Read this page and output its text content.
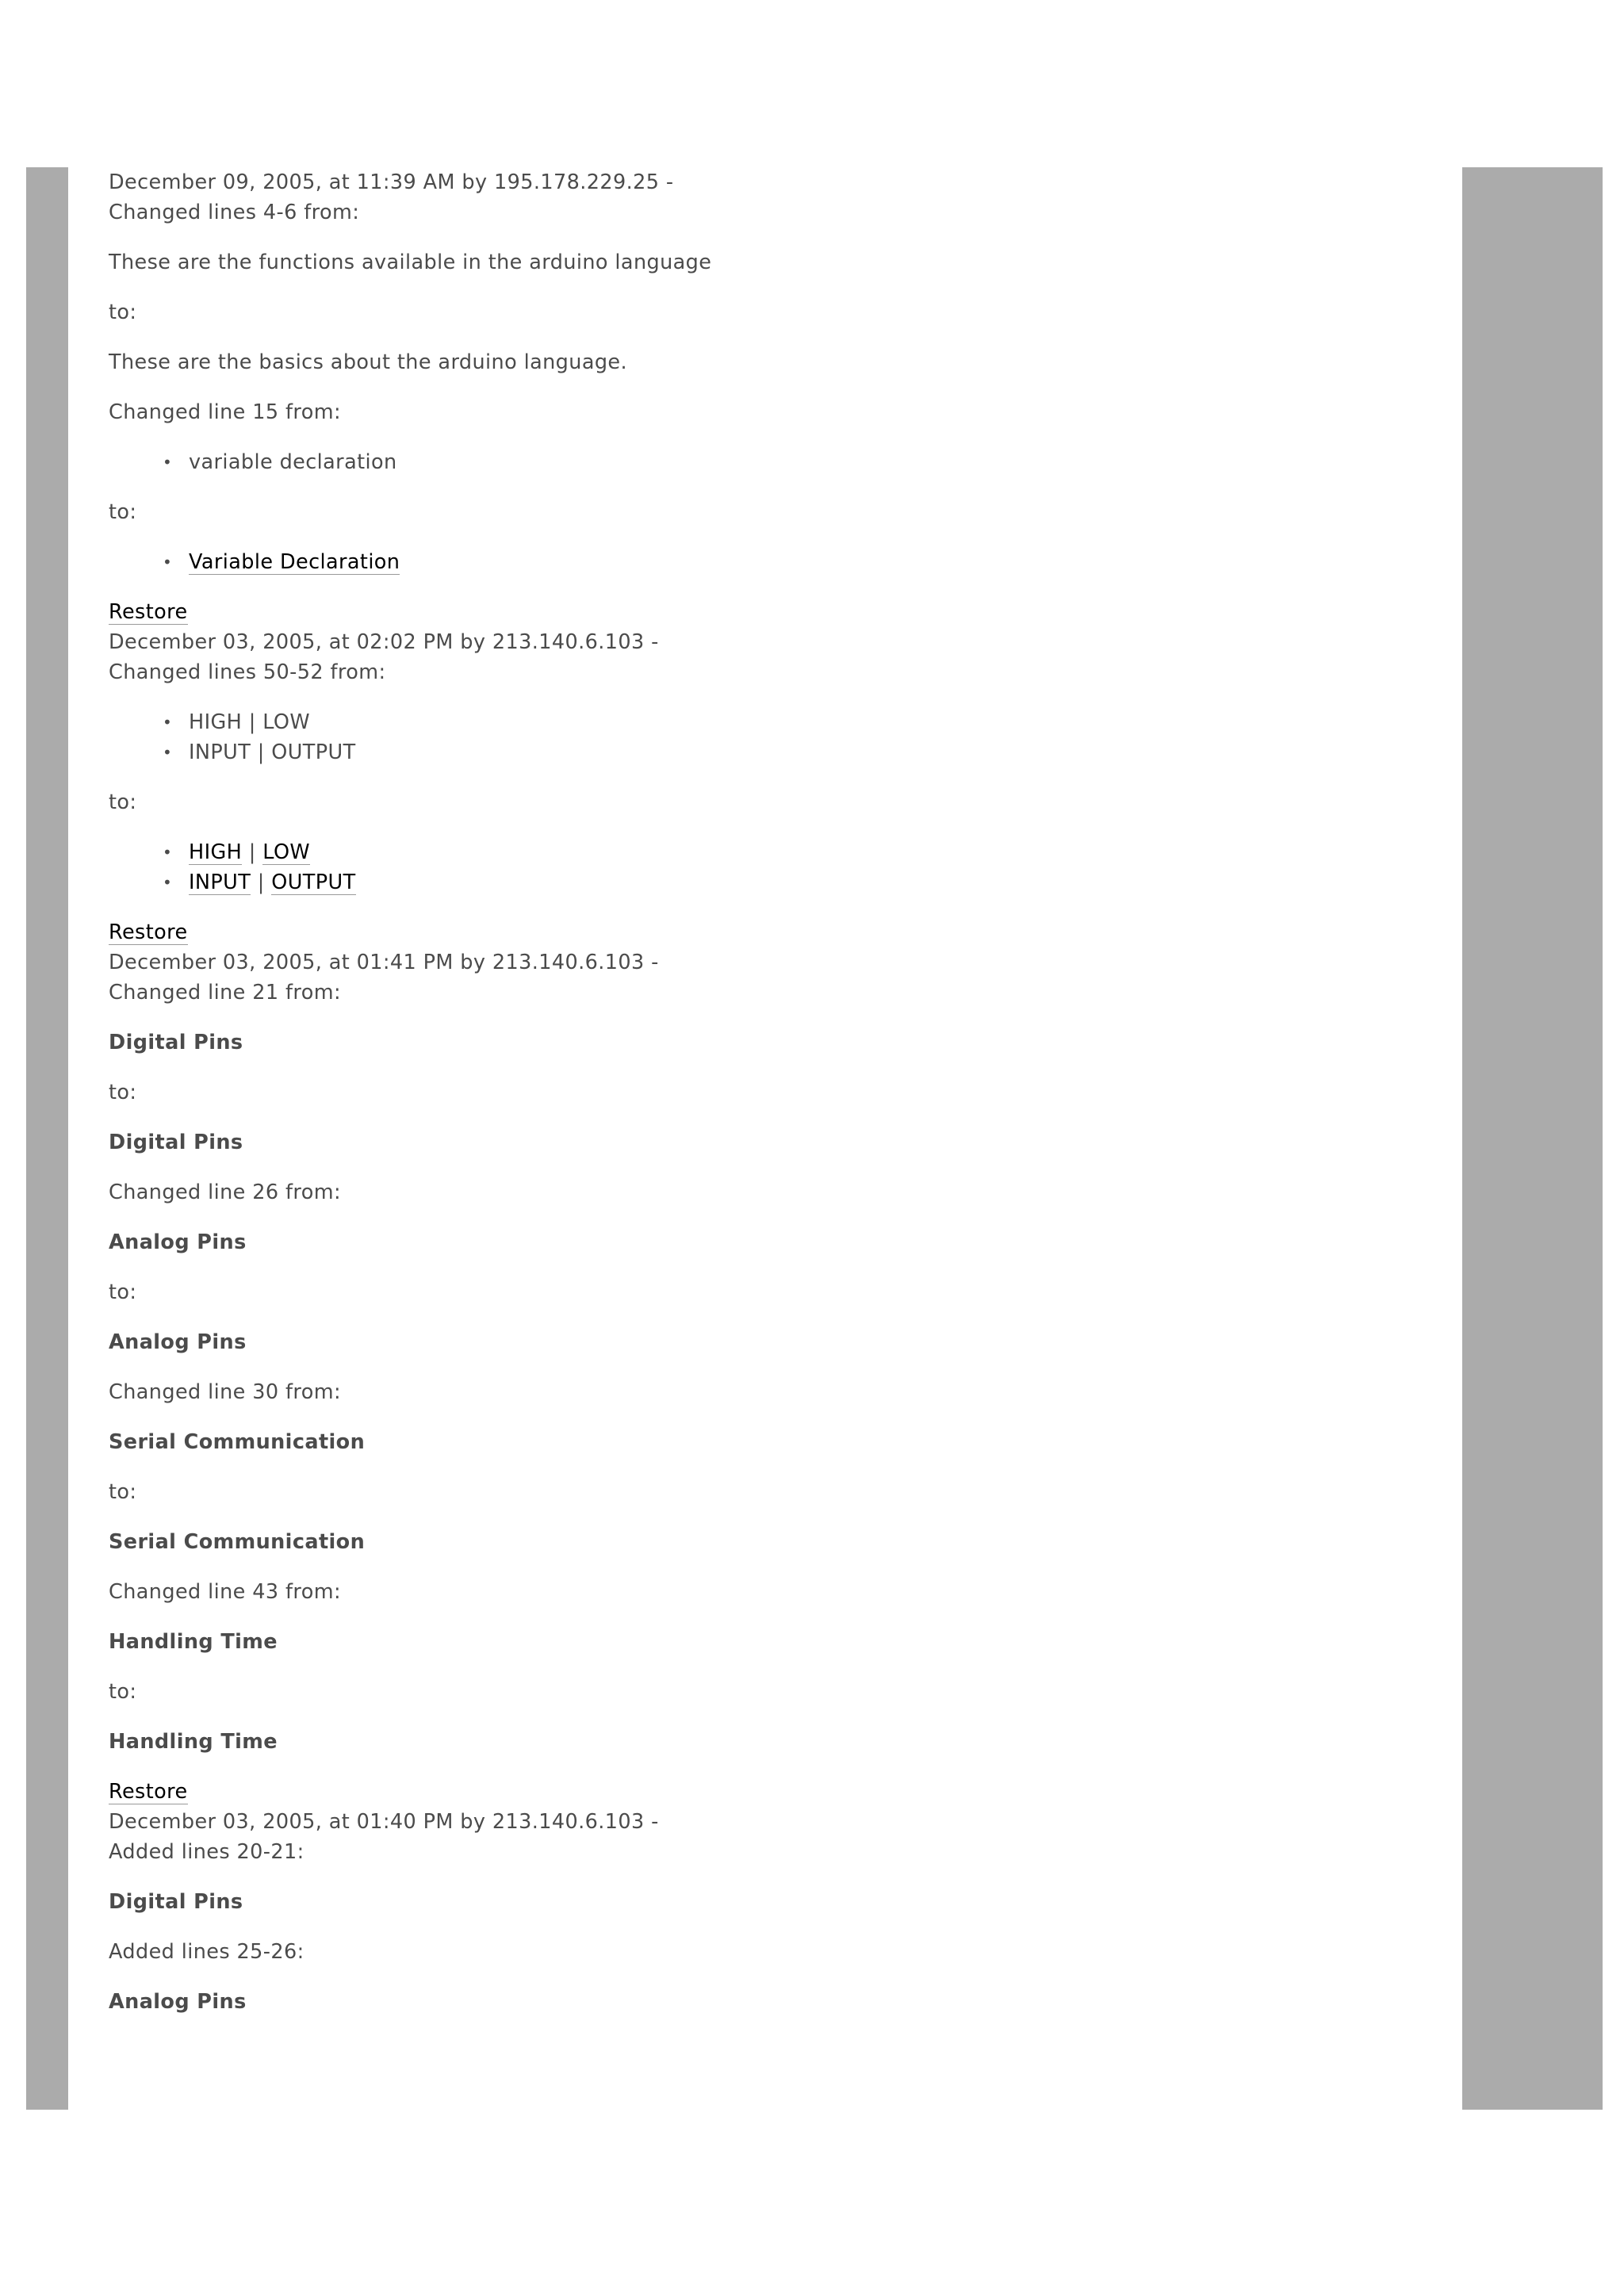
December 09, 2005, at 11:39 AM by 195.178.229.25 -

Changed lines 4-6 from:

These are the functions available in the arduino language

to:

These are the basics about the arduino language.

Changed line 15 from:

• variable declaration

to:

• Variable Declaration

Restore

December 03, 2005, at 02:02 PM by 213.140.6.103 -

Changed lines 50-52 from:

• HIGH | LOW
• INPUT | OUTPUT

to:

• HIGH | LOW
• INPUT | OUTPUT

Restore

December 03, 2005, at 01:41 PM by 213.140.6.103 -

Changed line 21 from:

Digital Pins

to:

Digital Pins

Changed line 26 from:

Analog Pins

to:

Analog Pins

Changed line 30 from:

Serial Communication

to:

Serial Communication

Changed line 43 from:

Handling Time

to:

Handling Time

Restore

December 03, 2005, at 01:40 PM by 213.140.6.103 -

Added lines 20-21:

Digital Pins

Added lines 25-26:

Analog Pins
